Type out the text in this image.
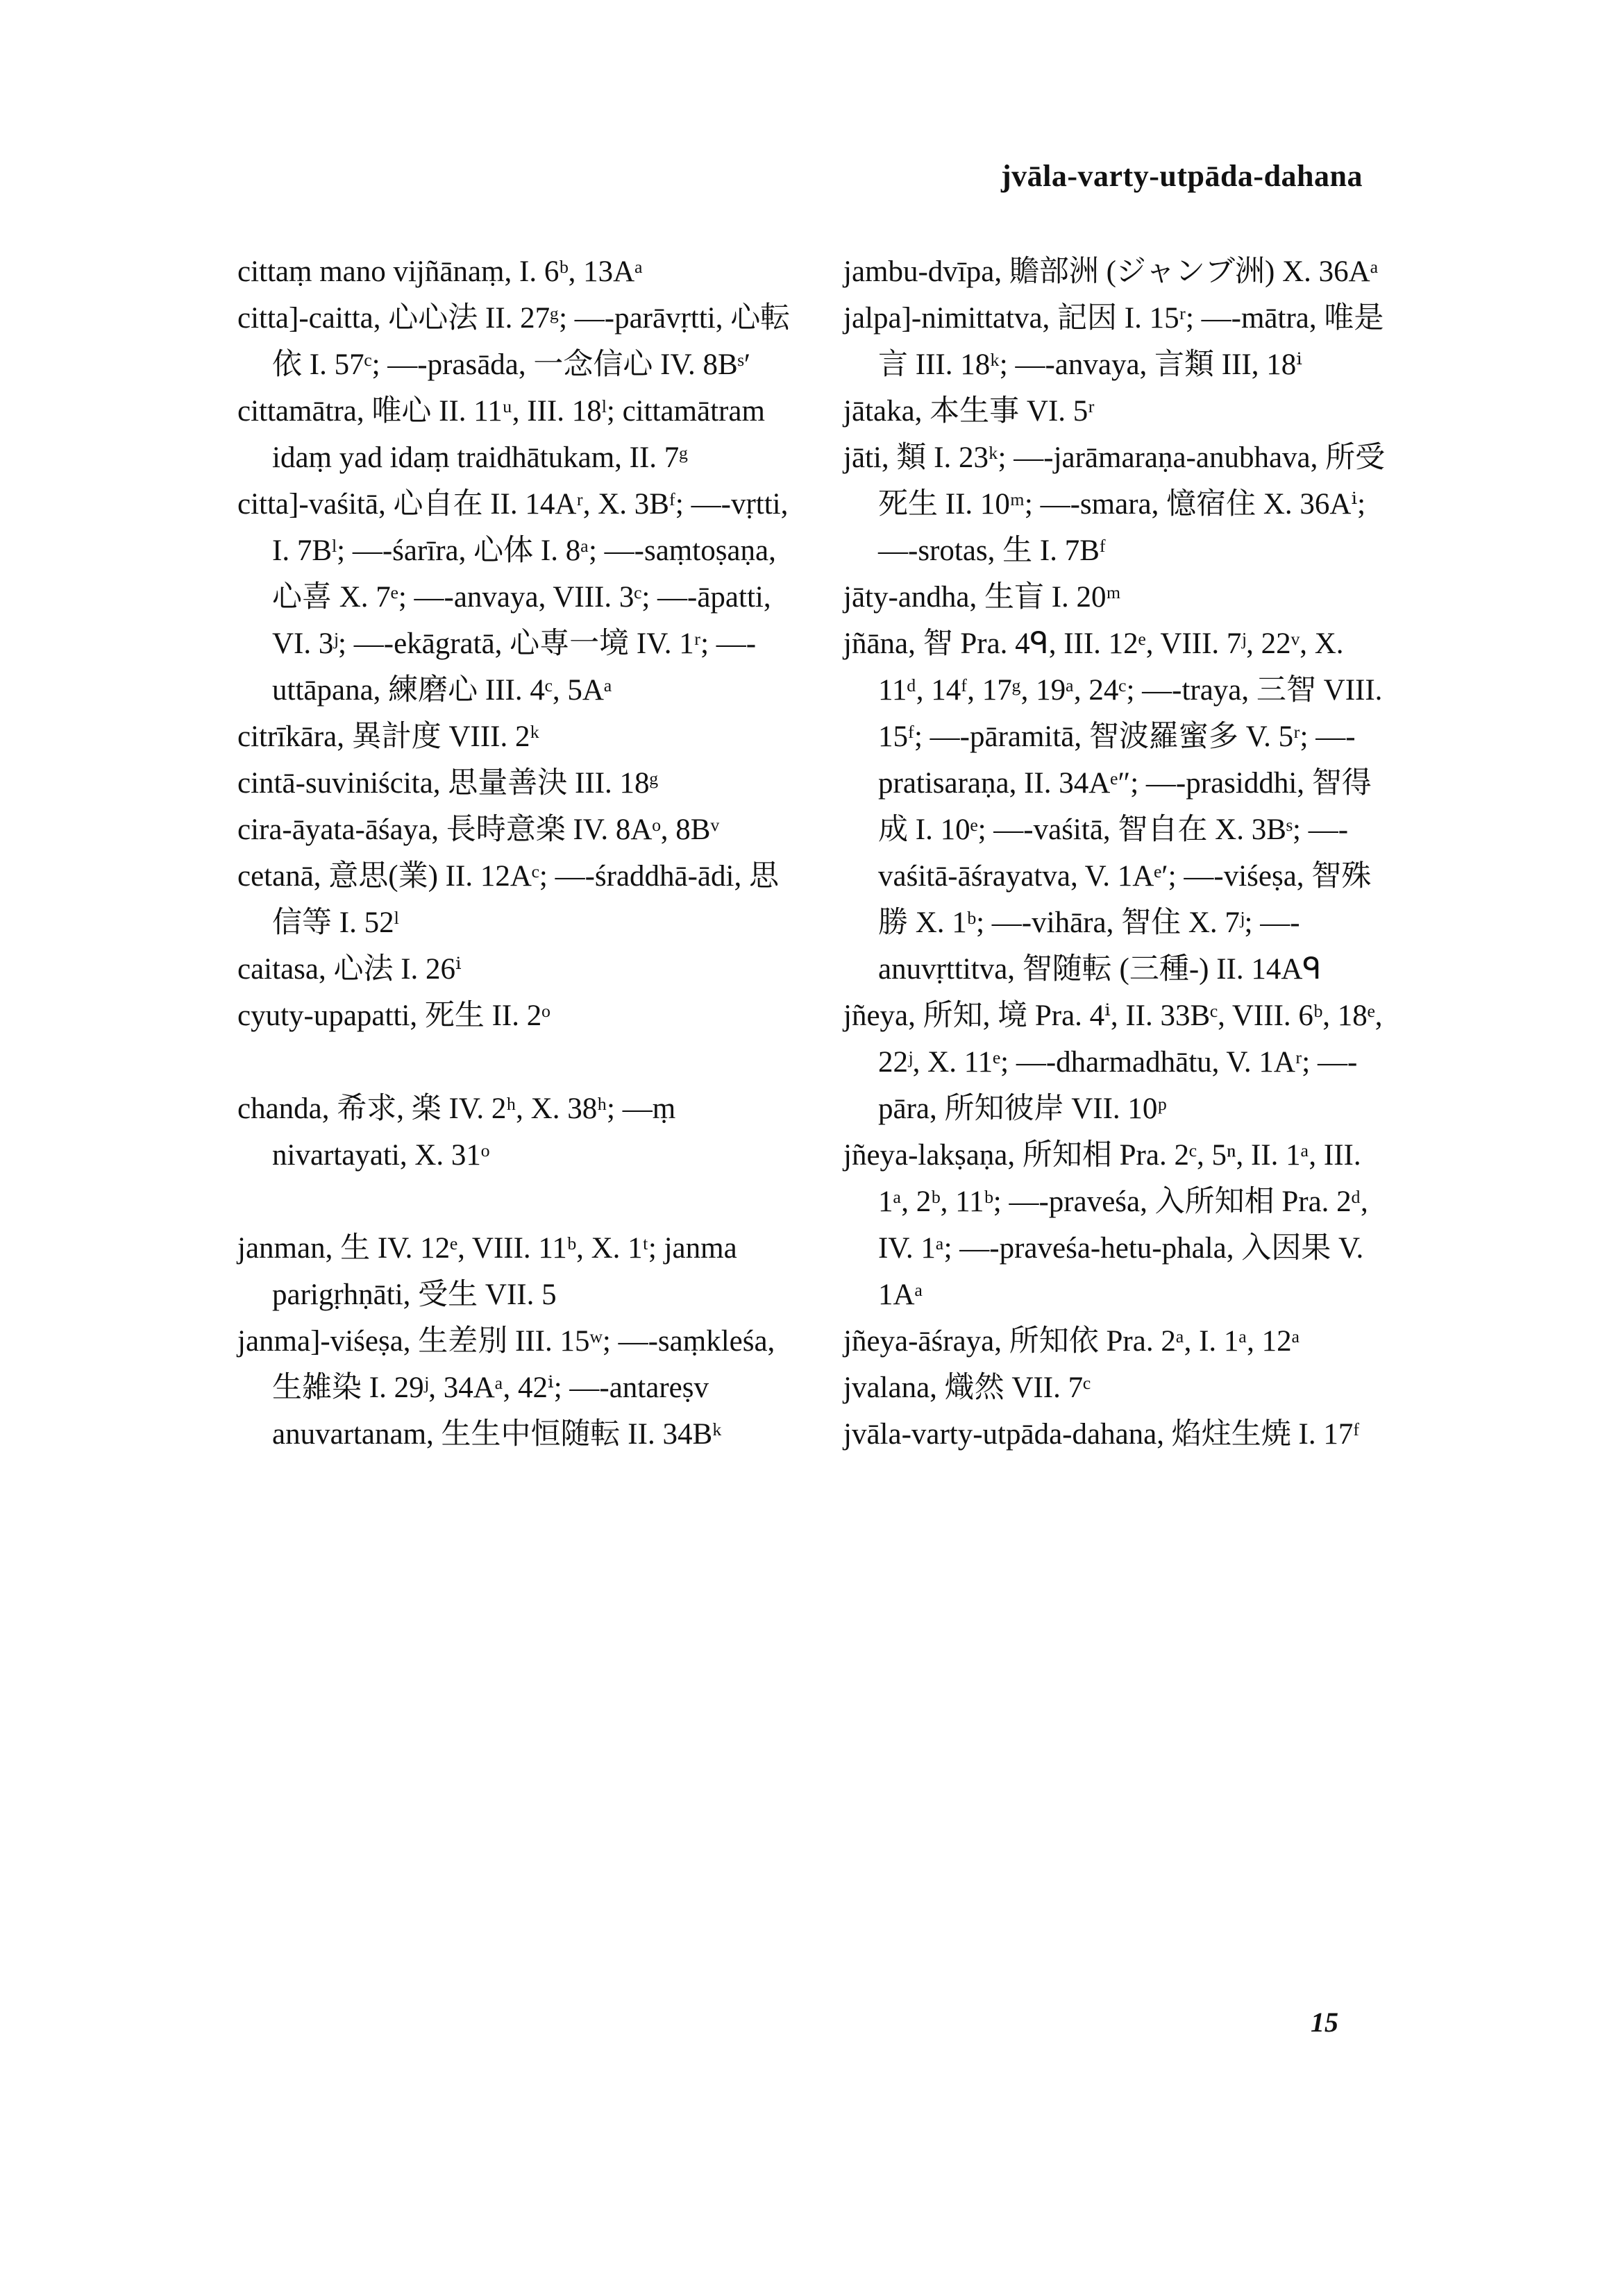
jvāla-varty-utpāda-dahana

cittaṃ mano vijñānaṃ, I. 6ᵇ, 13Aᵃ

citta]-caitta, 心心法 II. 27ᵍ; —-parāvṛtti, 心転依 I. 57ᶜ; —-prasāda, 一念信心 IV. 8Bˢ′

cittamātra, 唯心 II. 11ᵘ, III. 18ˡ; cittamātram idaṃ yad idaṃ traidhātukam, II. 7ᵍ

citta]-vaśitā, 心自在 II. 14Aʳ, X. 3Bᶠ; —-vṛtti, I. 7Bˡ; —-śarīra, 心体 I. 8ᵃ; —-saṃtoṣaṇa, 心喜 X. 7ᵉ; —-anvaya, VIII. 3ᶜ; —-āpatti, VI. 3ʲ; —-ekāgratā, 心専一境 IV. 1ʳ; —-uttāpana, 練磨心 III. 4ᶜ, 5Aᵃ

citrīkāra, 異計度 VIII. 2ᵏ

cintā-suviniścita, 思量善決 III. 18ᵍ

cira-āyata-āśaya, 長時意楽 IV. 8Aᵒ, 8Bᵛ

cetanā, 意思(業) II. 12Aᶜ; —-śraddhā-ādi, 思信等 I. 52ˡ

caitasa, 心法 I. 26ⁱ

cyuty-upapatti, 死生 II. 2ᵒ

chanda, 希求, 楽 IV. 2ʰ, X. 38ʰ; —ṃ nivartayati, X. 31ᵒ

janman, 生 IV. 12ᵉ, VIII. 11ᵇ, X. 1ᵗ; janma parigṛhṇāti, 受生 VII. 5

janma]-viśeṣa, 生差別 III. 15ʷ; —-saṃkleśa, 生雑染 I. 29ʲ, 34Aᵃ, 42ⁱ; —-antareṣv anuvartanam, 生生中恒随転 II. 34Bᵏ

jambu-dvīpa, 贍部洲 (ジャンブ洲) X. 36Aᵃ

jalpa]-nimittatva, 記因 I. 15ʳ; —-mātra, 唯是言 III. 18ᵏ; —-anvaya, 言類 III, 18ⁱ

jātaka, 本生事 VI. 5ʳ

jāti, 類 I. 23ᵏ; —-jarāmaraṇa-anubhava, 所受死生 II. 10ᵐ; —-smara, 憶宿住 X. 36Aⁱ; —-srotas, 生 I. 7Bᶠ

jāty-andha, 生盲 I. 20ᵐ

jñāna, 智 Pra. 4ᑫ, III. 12ᵉ, VIII. 7ʲ, 22ᵛ, X. 11ᵈ, 14ᶠ, 17ᵍ, 19ᵃ, 24ᶜ; —-traya, 三智 VIII. 15ᶠ; —-pāramitā, 智波羅蜜多 V. 5ʳ; —-pratisaraṇa, II. 34Aᵉ″; —-prasiddhi, 智得成 I. 10ᵉ; —-vaśitā, 智自在 X. 3Bˢ; —-vaśitā-āśrayatva, V. 1Aᵉ′; —-viśeṣa, 智殊勝 X. 1ᵇ; —-vihāra, 智住 X. 7ʲ; —-anuvṛttitva, 智随転 (三種-) II. 14Aᑫ

jñeya, 所知, 境 Pra. 4ⁱ, II. 33Bᶜ, VIII. 6ᵇ, 18ᵉ, 22ʲ, X. 11ᵉ; —-dharmadhātu, V. 1Aʳ; —-pāra, 所知彼岸 VII. 10ᵖ

jñeya-lakṣaṇa, 所知相 Pra. 2ᶜ, 5ⁿ, II. 1ᵃ, III. 1ᵃ, 2ᵇ, 11ᵇ; —-praveśa, 入所知相 Pra. 2ᵈ, IV. 1ᵃ; —-praveśa-hetu-phala, 入因果 V. 1Aᵃ

jñeya-āśraya, 所知依 Pra. 2ᵃ, I. 1ᵃ, 12ᵃ

jvalana, 熾然 VII. 7ᶜ

jvāla-varty-utpāda-dahana, 焰炷生焼 I. 17ᶠ

15
